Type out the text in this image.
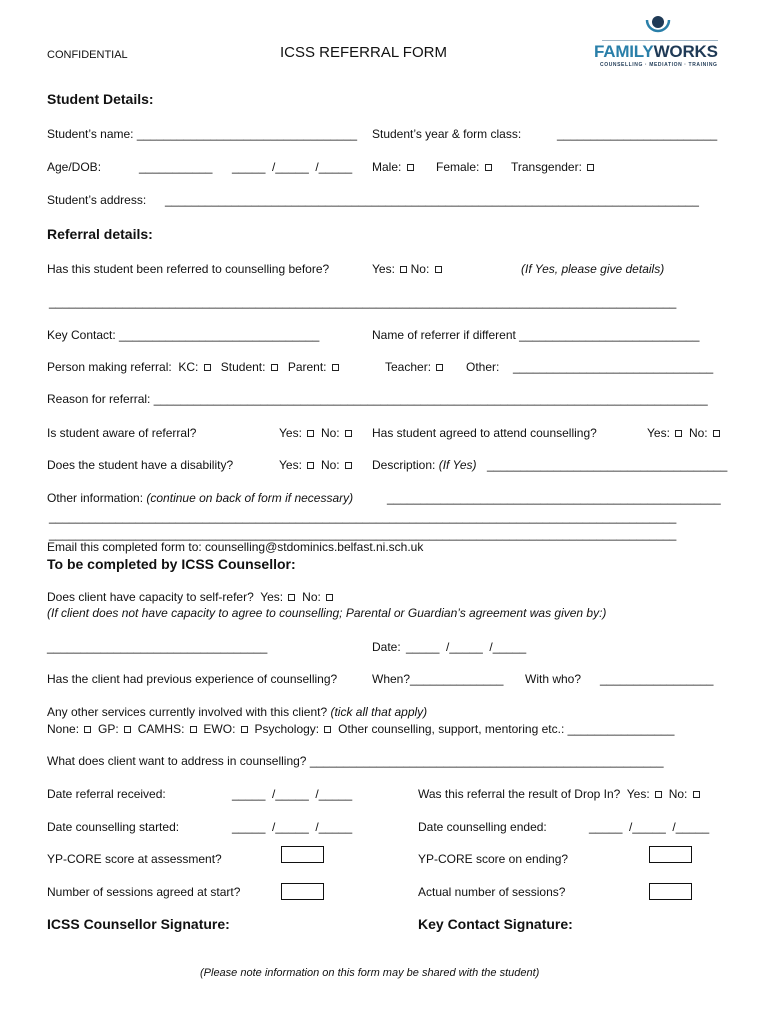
CONFIDENTIAL	ICSS REFERRAL FORM	FAMILYWORKS
COUNSELLING · MEDIATION · TRAINING
Student Details:
Student’s name: _________________________________ Student’s year & form class:	________________________
Age/DOB:	___________ _____  /_____  /_____ Male:	Female:	Transgender:
Student’s address: ________________________________________________________________________________
Referral details:
Has this student been referred to counselling before?	Yes: No:	(If Yes, please give details)
______________________________________________________________________________________________
Key Contact: ______________________________	Name of referrer if different ___________________________
Person making referral: KC: Student: Parent:	Teacher:	Other: ______________________________
Reason for referral: ___________________________________________________________________________________
Is student aware of referral?	Yes: No:	Has student agreed to attend counselling?	Yes: No:
Does the student have a disability?	Yes: No:	Description: (If Yes) ____________________________________
Other information: (continue on back of form if necessary)	__________________________________________________
______________________________________________________________________________________________
______________________________________________________________________________________________
Email this completed form to: counselling@stdominics.belfast.ni.sch.uk
To be completed by ICSS Counsellor:
Does client have capacity to self-refer? Yes: No:
(If client does not have capacity to agree to counselling; Parental or Guardian’s agreement was given by:)
_________________________________	Date: _____  /_____  /_____
Has the client had previous experience of counselling?	When?______________ With who? _________________
Any other services currently involved with this client? (tick all that apply)
None: GP: CAMHS: EWO: Psychology: Other counselling, support, mentoring etc.: ________________
What does client want to address in counselling? _____________________________________________________
Date referral received:	_____  /_____  /_____	Was this referral the result of Drop In? Yes: No:
Date counselling started:	_____  /_____  /_____	Date counselling ended:	_____  /_____  /_____
YP-CORE score at assessment?	YP-CORE score on ending?
Number of sessions agreed at start?	Actual number of sessions?
ICSS Counsellor Signature:	Key Contact Signature:
(Please note information on this form may be shared with the student)
